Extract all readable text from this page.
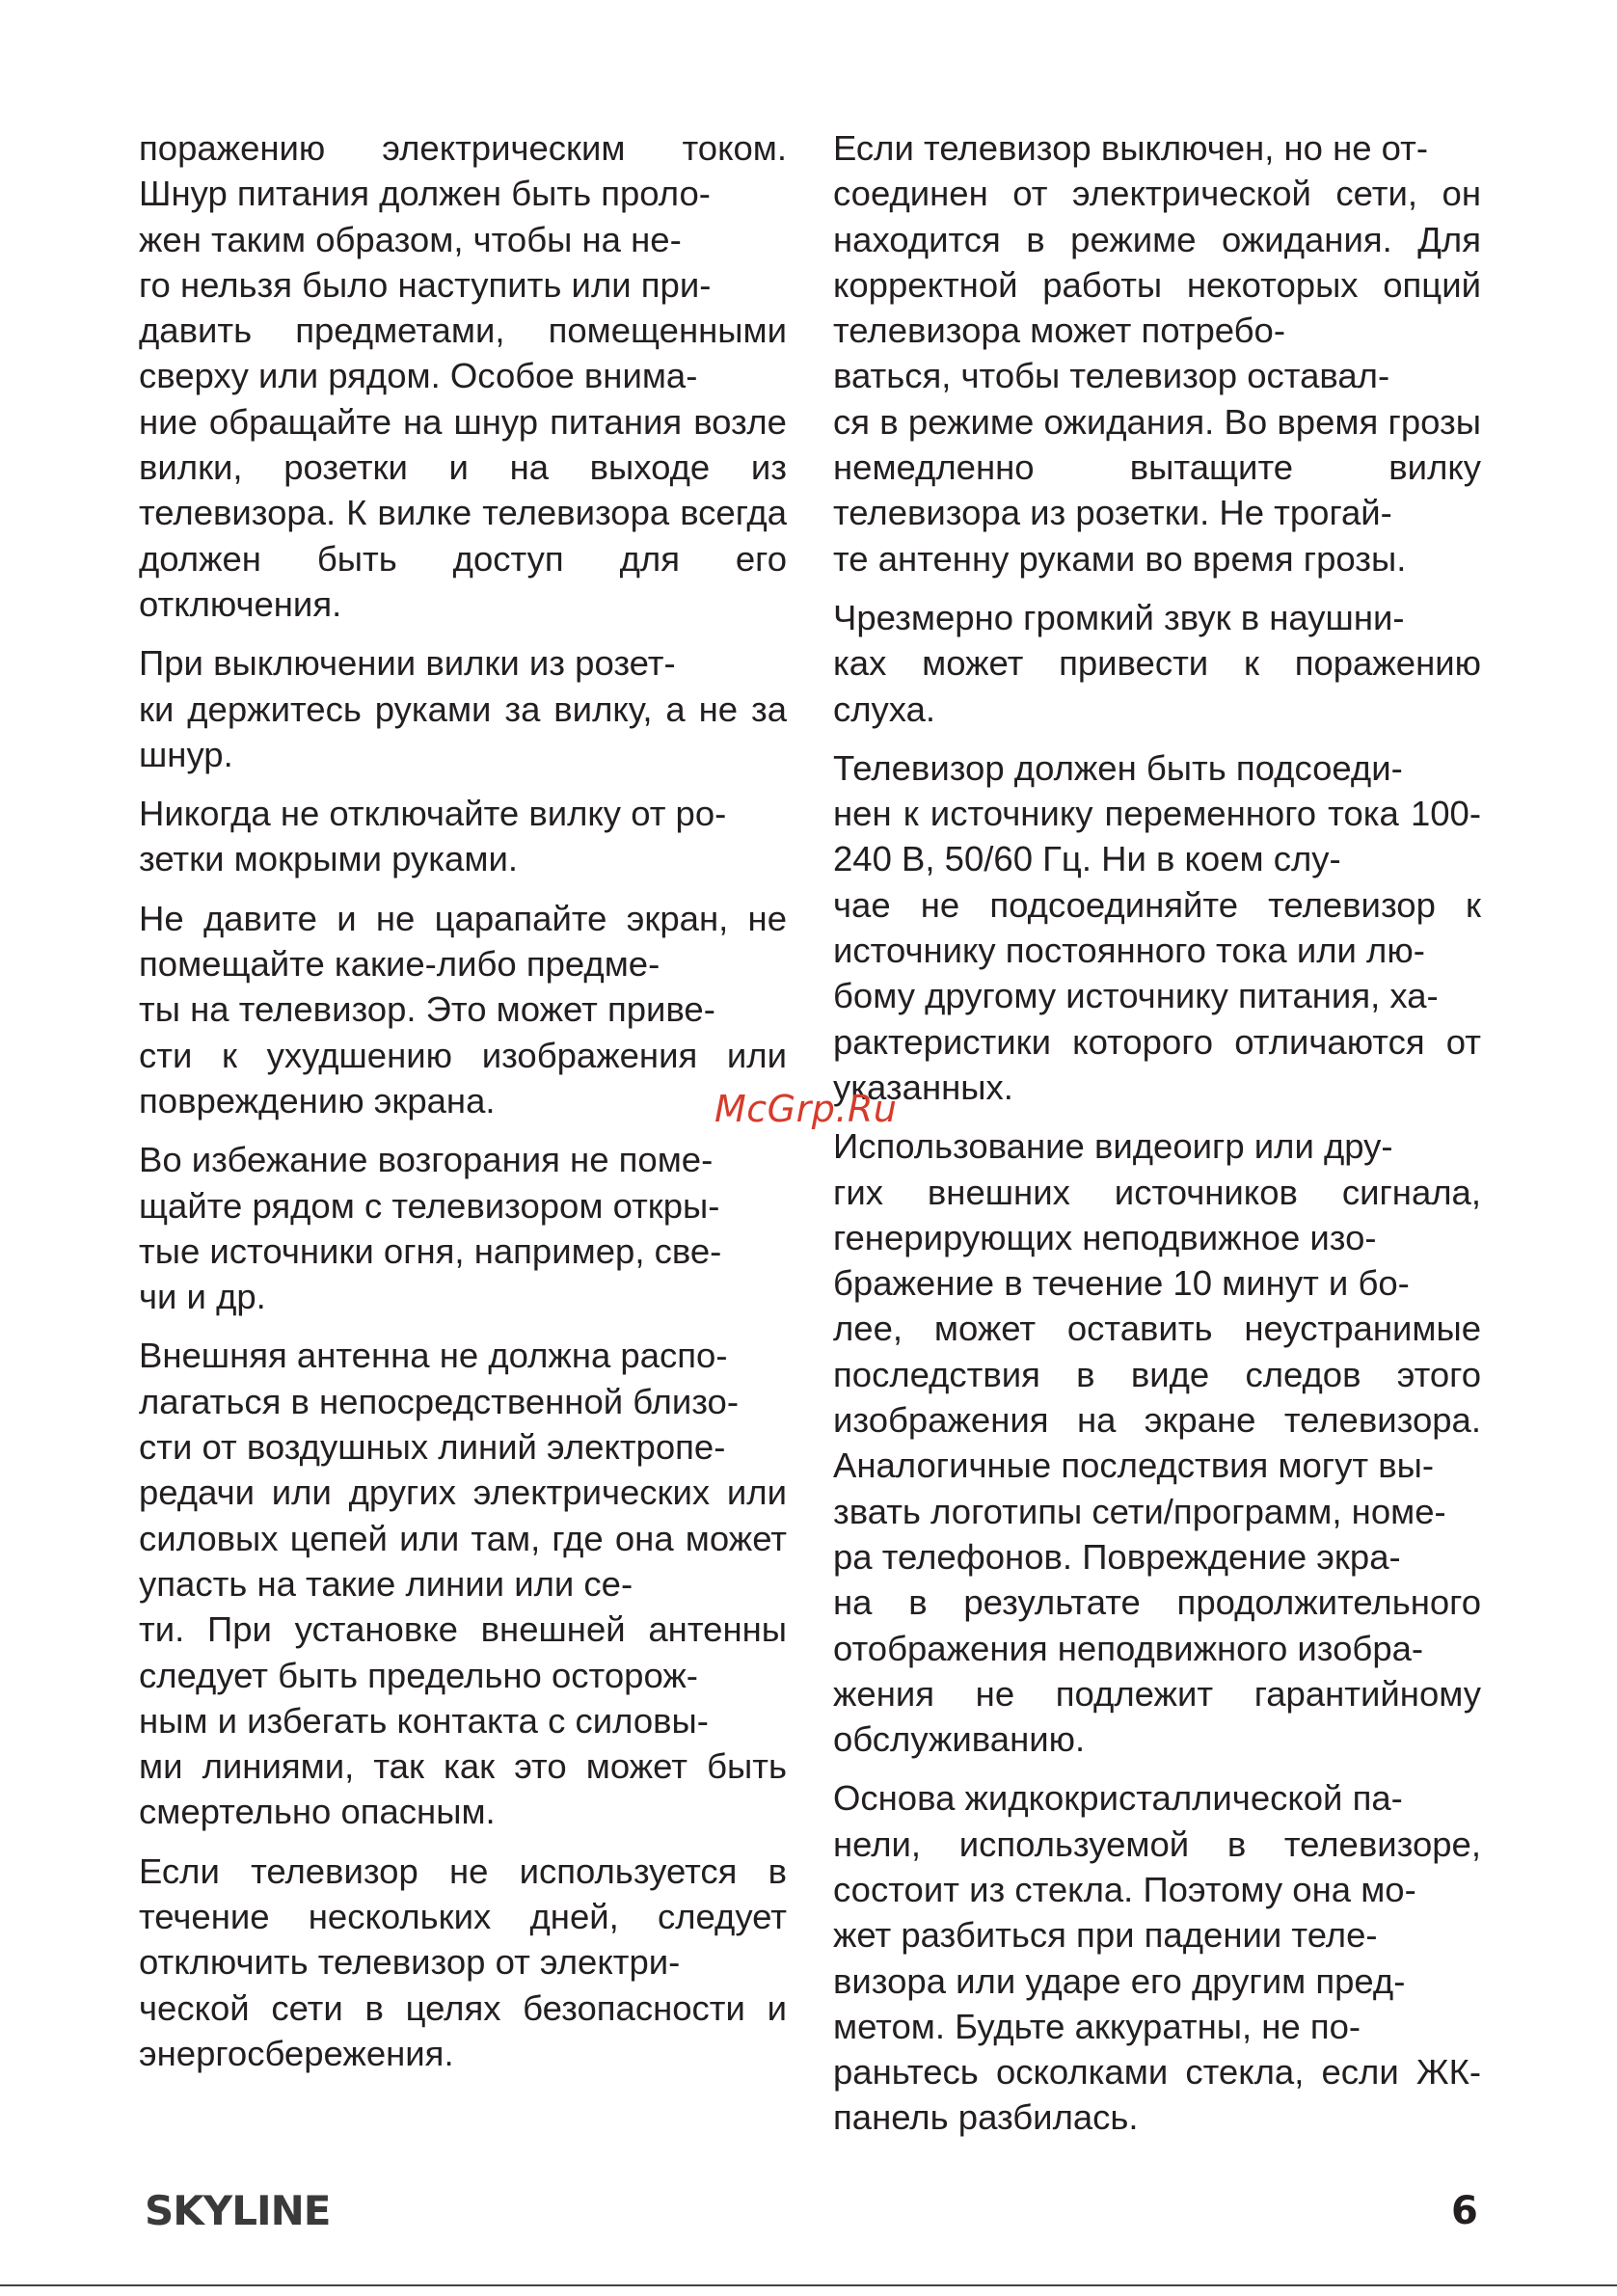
поражению электрическим током. Шнур питания должен быть проло-
жен таким образом, чтобы на не-
го нельзя было наступить или при-
давить предметами, помещенными сверху или рядом. Особое внима-
ние обращайте на шнур питания возле вилки, розетки и на выходе из телевизора. К вилке телевизора всегда должен быть доступ для его отключения.

При выключении вилки из розет-
ки держитесь руками за вилку, а не за шнур.

Никогда не отключайте вилку от ро-
зетки мокрыми руками.

Не давите и не царапайте экран, не помещайте какие-либо предме-
ты на телевизор. Это может приве-
сти к ухудшению изображения или повреждению экрана.

Во избежание возгорания не поме-
щайте рядом с телевизором откры-
тые источники огня, например, све-
чи и др.

Внешняя антенна не должна распо-
лагаться в непосредственной близо-
сти от воздушных линий электропе-
редачи или других электрических или силовых цепей или там, где она может упасть на такие линии или се-
ти. При установке внешней антенны следует быть предельно осторож-
ным и избегать контакта с силовы-
ми линиями, так как это может быть смертельно опасным.

Если телевизор не используется в течение нескольких дней, следует отключить телевизор от электри-
ческой сети в целях безопасности и энергосбережения.

Если телевизор выключен, но не от-
соединен от электрической сети, он находится в режиме ожидания. Для корректной работы некоторых опций телевизора может потребо-
ваться, чтобы телевизор оставал-
ся в режиме ожидания. Во время грозы немедленно вытащите вилку телевизора из розетки. Не трогай-
те антенну руками во время грозы.

Чрезмерно громкий звук в наушни-
ках может привести к поражению слуха.

Телевизор должен быть подсоеди-
нен к источнику переменного тока 100-240 В, 50/60 Гц. Ни в коем слу-
чае не подсоединяйте телевизор к источнику постоянного тока или лю-
бому другому источнику питания, ха-
рактеристики которого отличаются от указанных.

Использование видеоигр или дру-
гих внешних источников сигнала, генерирующих неподвижное изо-
бражение в течение 10 минут и бо-
лее, может оставить неустранимые последствия в виде следов этого изображения на экране телевизора. Аналогичные последствия могут вы-
звать логотипы сети/программ, номе-
ра телефонов. Повреждение экра-
на в результате продолжительного отображения неподвижного изобра-
жения не подлежит гарантийному обслуживанию.

Основа жидкокристаллической па-
нели, используемой в телевизоре, состоит из стекла. Поэтому она мо-
жет разбиться при падении теле-
визора или ударе его другим пред-
метом. Будьте аккуратны, не по-
раньтесь осколками стекла, если ЖК-панель разбилась.

McGrp.Ru
SKYLINE	6
